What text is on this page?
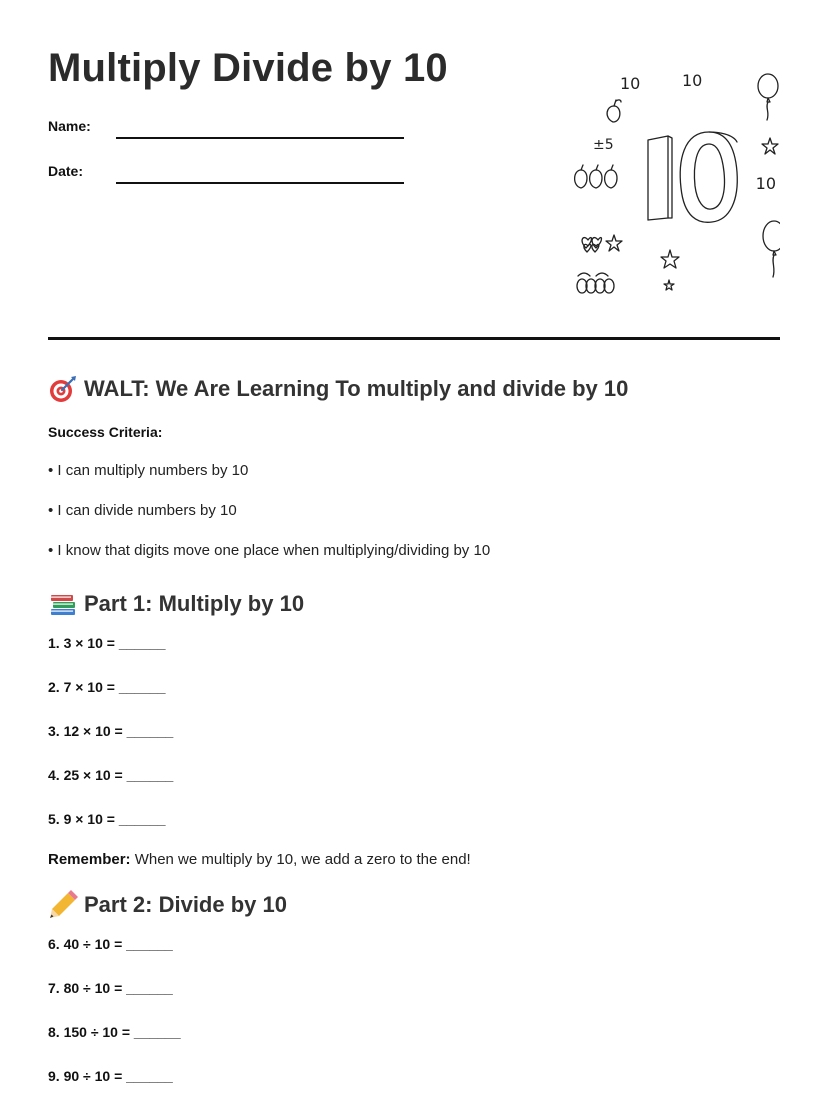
Multiply Divide by 10
Name:
Date:
10	10
10
±5
WALT: We Are Learning To multiply and divide by 10
Success Criteria:
• I can multiply numbers by 10
• I can divide numbers by 10
• I know that digits move one place when multiplying/dividing by 10
Part 1: Multiply by 10
1. 3 × 10 = ______
2. 7 × 10 = ______
3. 12 × 10 = ______
4. 25 × 10 = ______
5. 9 × 10 = ______
Remember: When we multiply by 10, we add a zero to the end!
Part 2: Divide by 10
6. 40 ÷ 10 = ______
7. 80 ÷ 10 = ______
8. 150 ÷ 10 = ______
9. 90 ÷ 10 = ______
